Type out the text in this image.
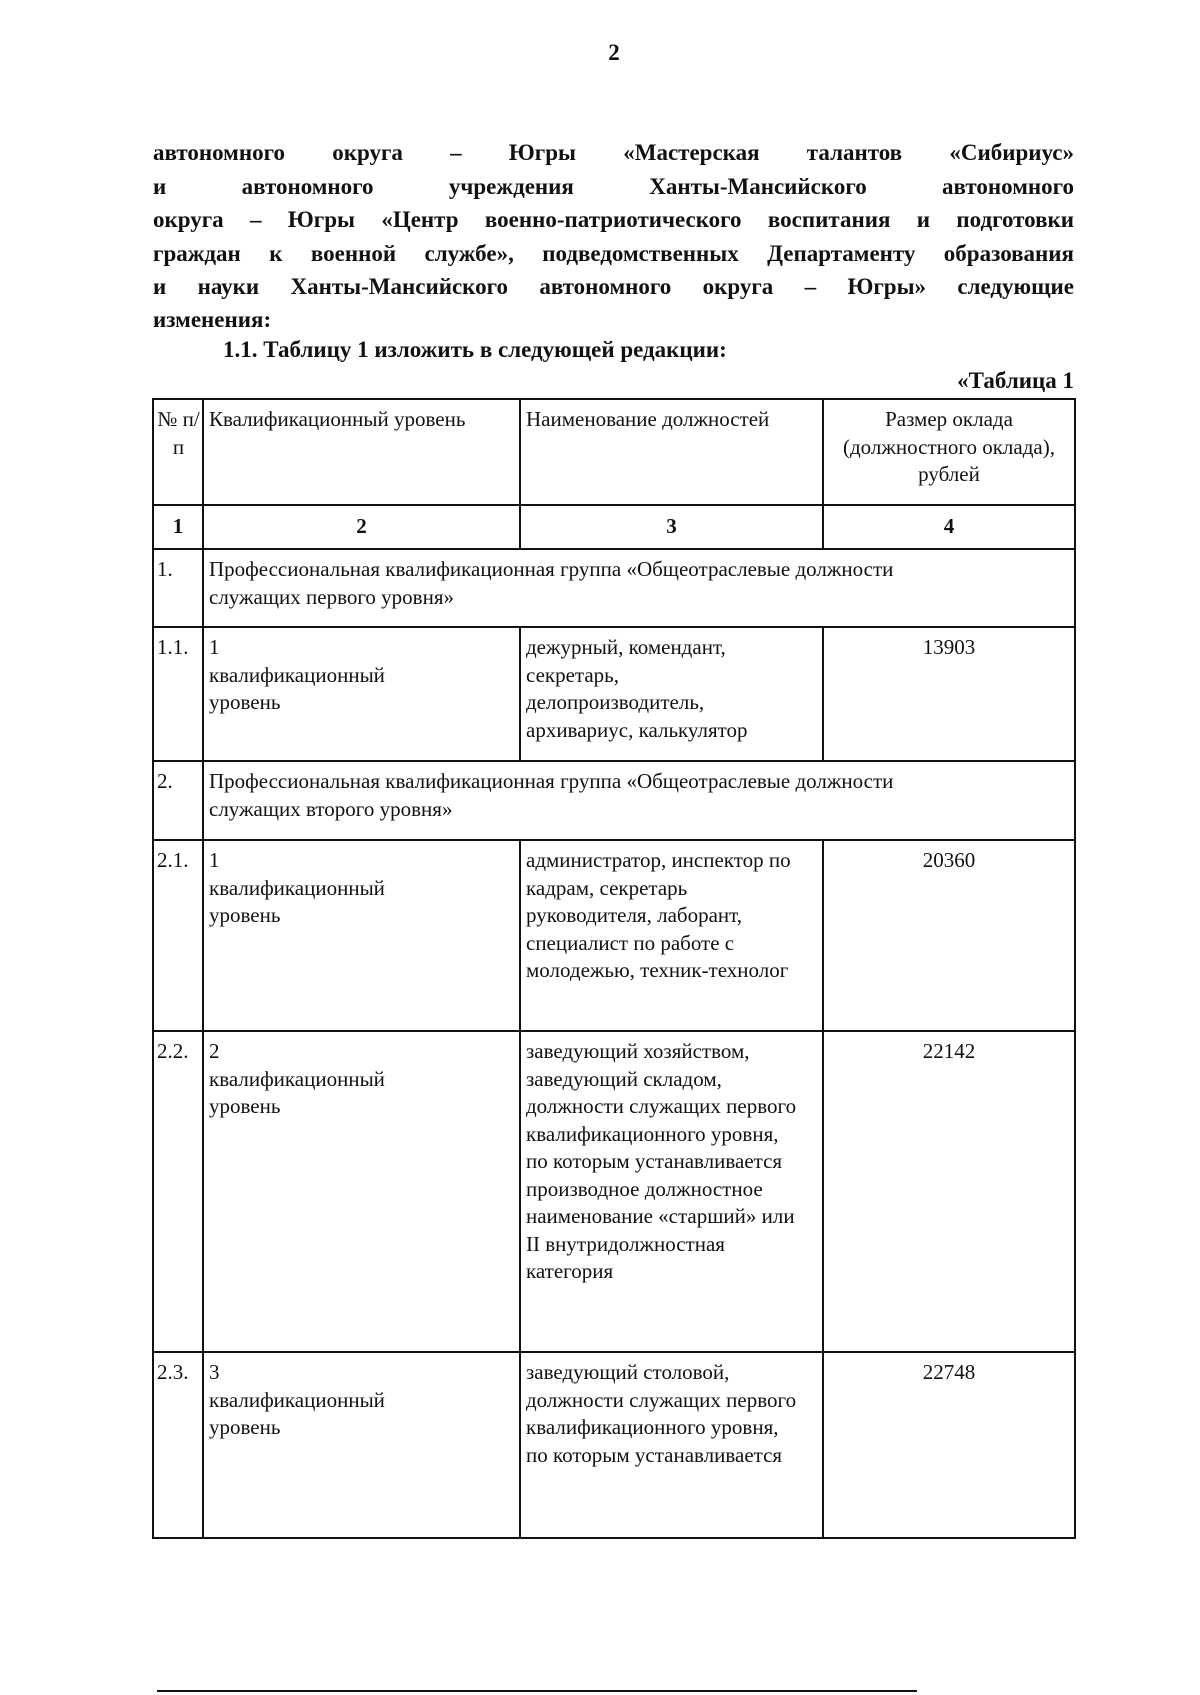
2
автономного округа – Югры «Мастерская талантов «Сибириус»
и автономного учреждения Ханты-Мансийского автономного
округа – Югры «Центр военно-патриотического воспитания и подготовки
граждан к военной службе», подведомственных Департаменту образования
и науки Ханты-Мансийского автономного округа – Югры» следующие
изменения:
1.1. Таблицу 1 изложить в следующей редакции:
«Таблица 1
№ п/п	Квалификационный уровень	Наименование должностей	Размер оклада (должностного оклада), рублей
1	2	3	4
1.	Профессиональная квалификационная группа «Общеотраслевые должности служащих первого уровня»		
1.1.	1 квалификационный уровень	дежурный, комендант, секретарь, делопроизводитель, архивариус, калькулятор	13903
2.	Профессиональная квалификационная группа «Общеотраслевые должности служащих второго уровня»		
2.1.	1 квалификационный уровень	администратор, инспектор по кадрам, секретарь руководителя, лаборант, специалист по работе с молодежью, техник-технолог	20360
2.2.	2 квалификационный уровень	заведующий хозяйством, заведующий складом, должности служащих первого квалификационного уровня, по которым устанавливается производное должностное наименование «старший» или II внутридолжностная категория	22142
2.3.	3 квалификационный уровень	заведующий столовой, должности служащих первого квалификационного уровня, по которым устанавливается	22748
